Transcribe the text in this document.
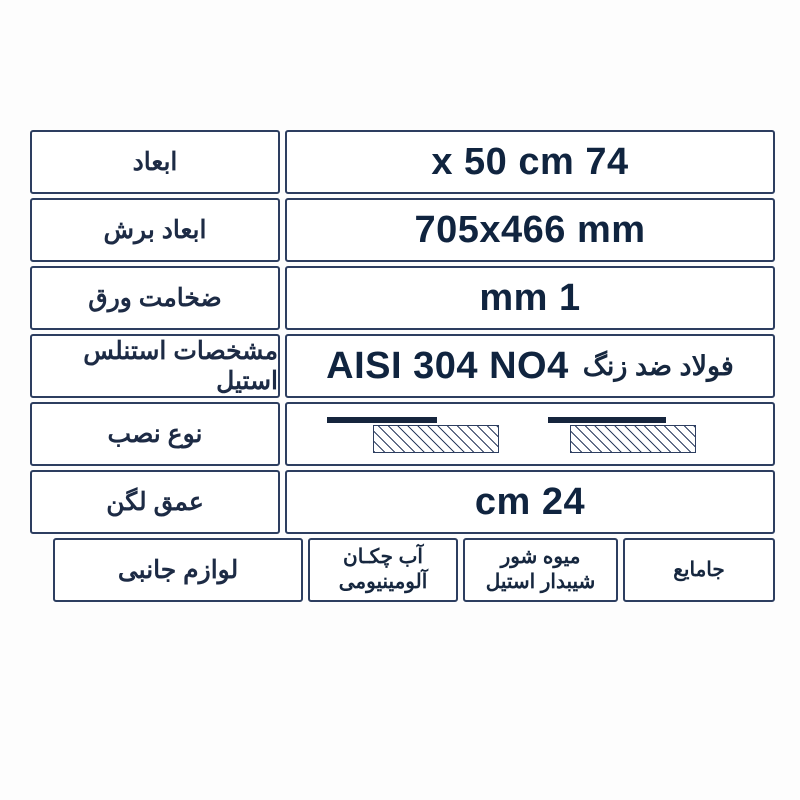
74 x 50 cm
ابعاد
705x466 mm
ابعاد برش
1 mm
ضخامت ورق
فولاد ضد زنگ
AISI 304 NO4
مشخصات استنلس استیل
نوع نصب
24 cm
عمق لگن
جامایع
میوه شور
شیبدار استیل
آب چکـان
آلومینیومی
لوازم جانبی
